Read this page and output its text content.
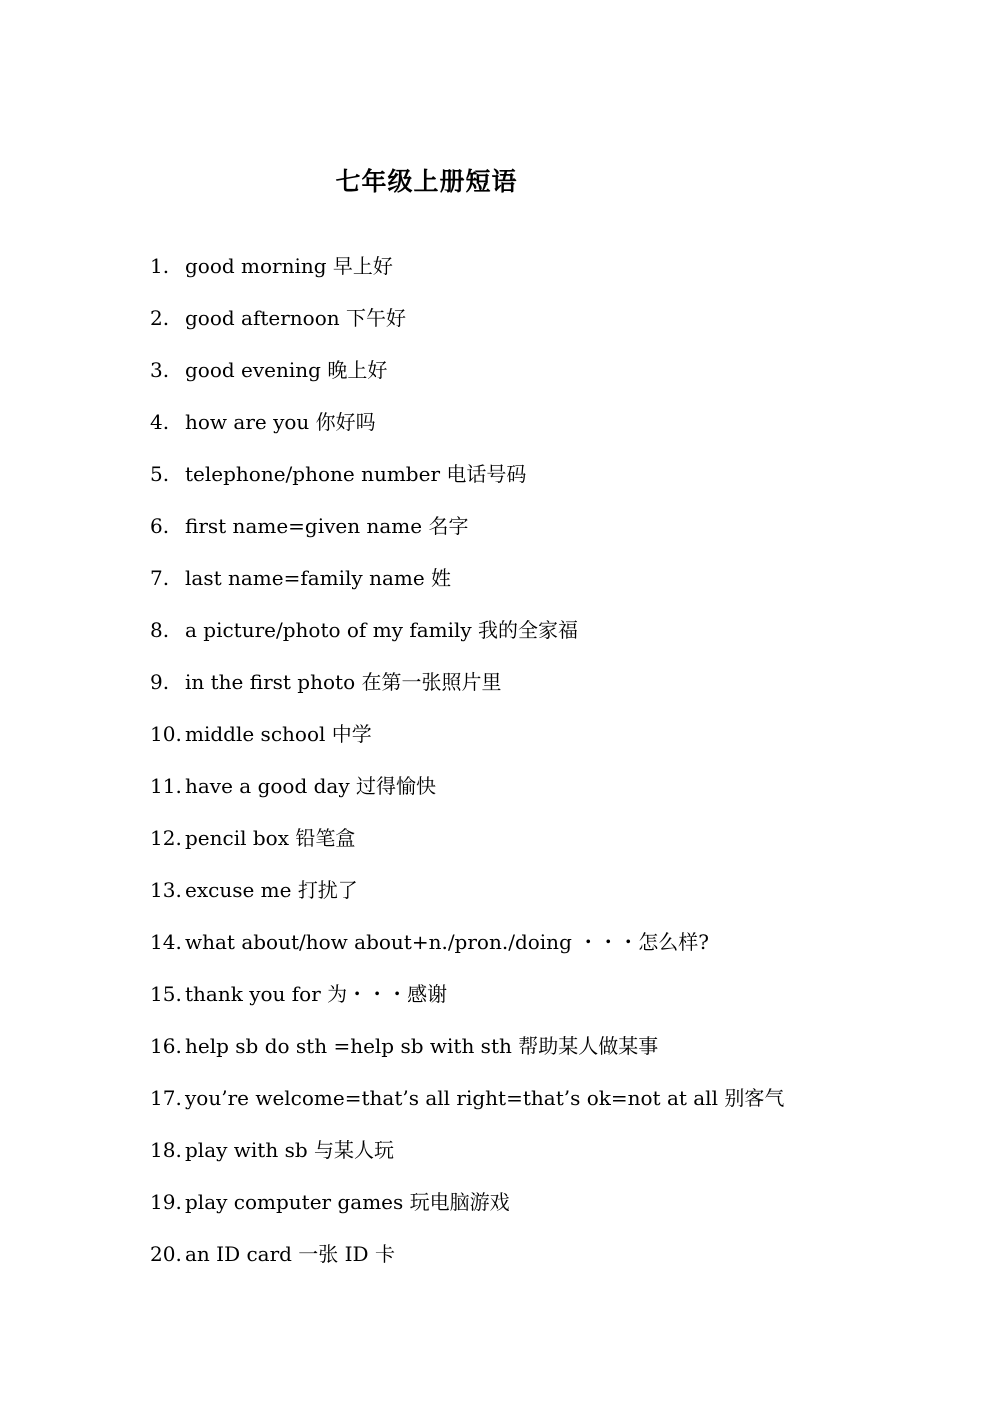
七年级上册短语
1. good morning 早上好
2. good afternoon 下午好
3. good evening 晚上好
4. how are you 你好吗
5. telephone/phone number 电话号码
6. first name=given name 名字
7. last name=family name 姓
8. a picture/photo of my family 我的全家福
9. in the first photo 在第一张照片里
10. middle school 中学
11. have a good day 过得愉快
12. pencil box 铅笔盒
13. excuse me 打扰了
14. what about/how about+n./pron./doing ・・・怎么样?
15. thank you for 为・・・感谢
16. help sb do sth =help sb with sth 帮助某人做某事
17. you’re welcome=that’s all right=that’s ok=not at all 别客气
18. play with sb 与某人玩
19. play computer games 玩电脑游戏
20. an ID card 一张 ID 卡
